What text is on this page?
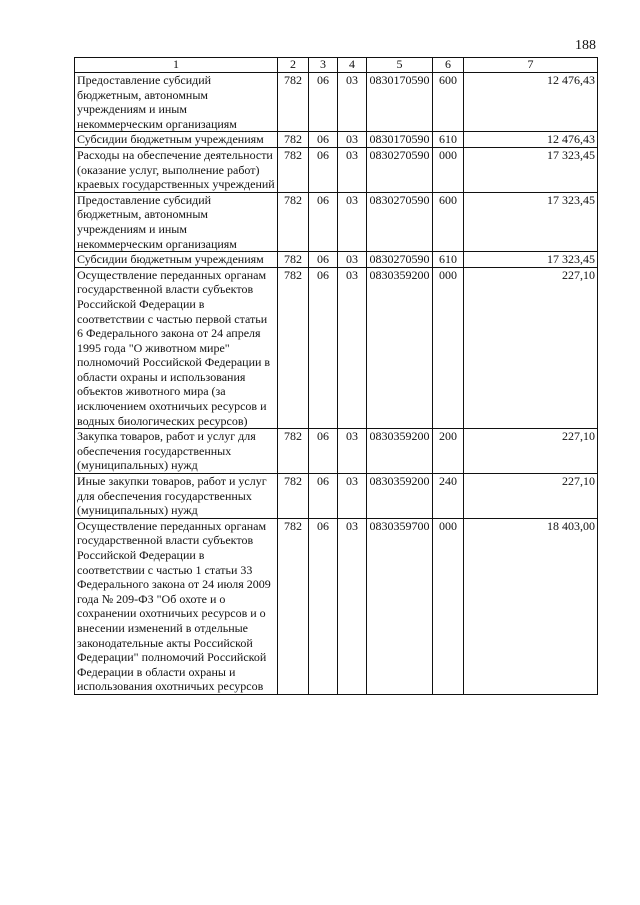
188
1	2	3	4	5	6	7
Предоставление субсидий бюджетным, автономным учреждениям и иным некоммерческим организациям	782	06	03	0830170590	600	12 476,43
Субсидии бюджетным учреждениям	782	06	03	0830170590	610	12 476,43
Расходы на обеспечение деятельности (оказание услуг, выполнение работ) краевых государственных учреждений	782	06	03	0830270590	000	17 323,45
Предоставление субсидий бюджетным, автономным учреждениям и иным некоммерческим организациям	782	06	03	0830270590	600	17 323,45
Субсидии бюджетным учреждениям	782	06	03	0830270590	610	17 323,45
Осуществление переданных органам государственной власти субъектов Российской Федерации в соответствии с частью первой статьи 6 Федерального закона от 24 апреля 1995 года "О животном мире" полномочий Российской Федерации в области охраны и использования объектов животного мира (за исключением охотничьих ресурсов и водных биологических ресурсов)	782	06	03	0830359200	000	227,10
Закупка товаров, работ и услуг для обеспечения государственных (муниципальных) нужд	782	06	03	0830359200	200	227,10
Иные закупки товаров, работ и услуг для обеспечения государственных (муниципальных) нужд	782	06	03	0830359200	240	227,10
Осуществление переданных органам государственной власти субъектов Российской Федерации в соответствии с частью 1 статьи 33 Федерального закона от 24 июля 2009 года № 209-ФЗ "Об охоте и о сохранении охотничьих ресурсов и о внесении изменений в отдельные законодательные акты Российской Федерации" полномочий Российской Федерации в области охраны и использования охотничьих ресурсов	782	06	03	0830359700	000	18 403,00
